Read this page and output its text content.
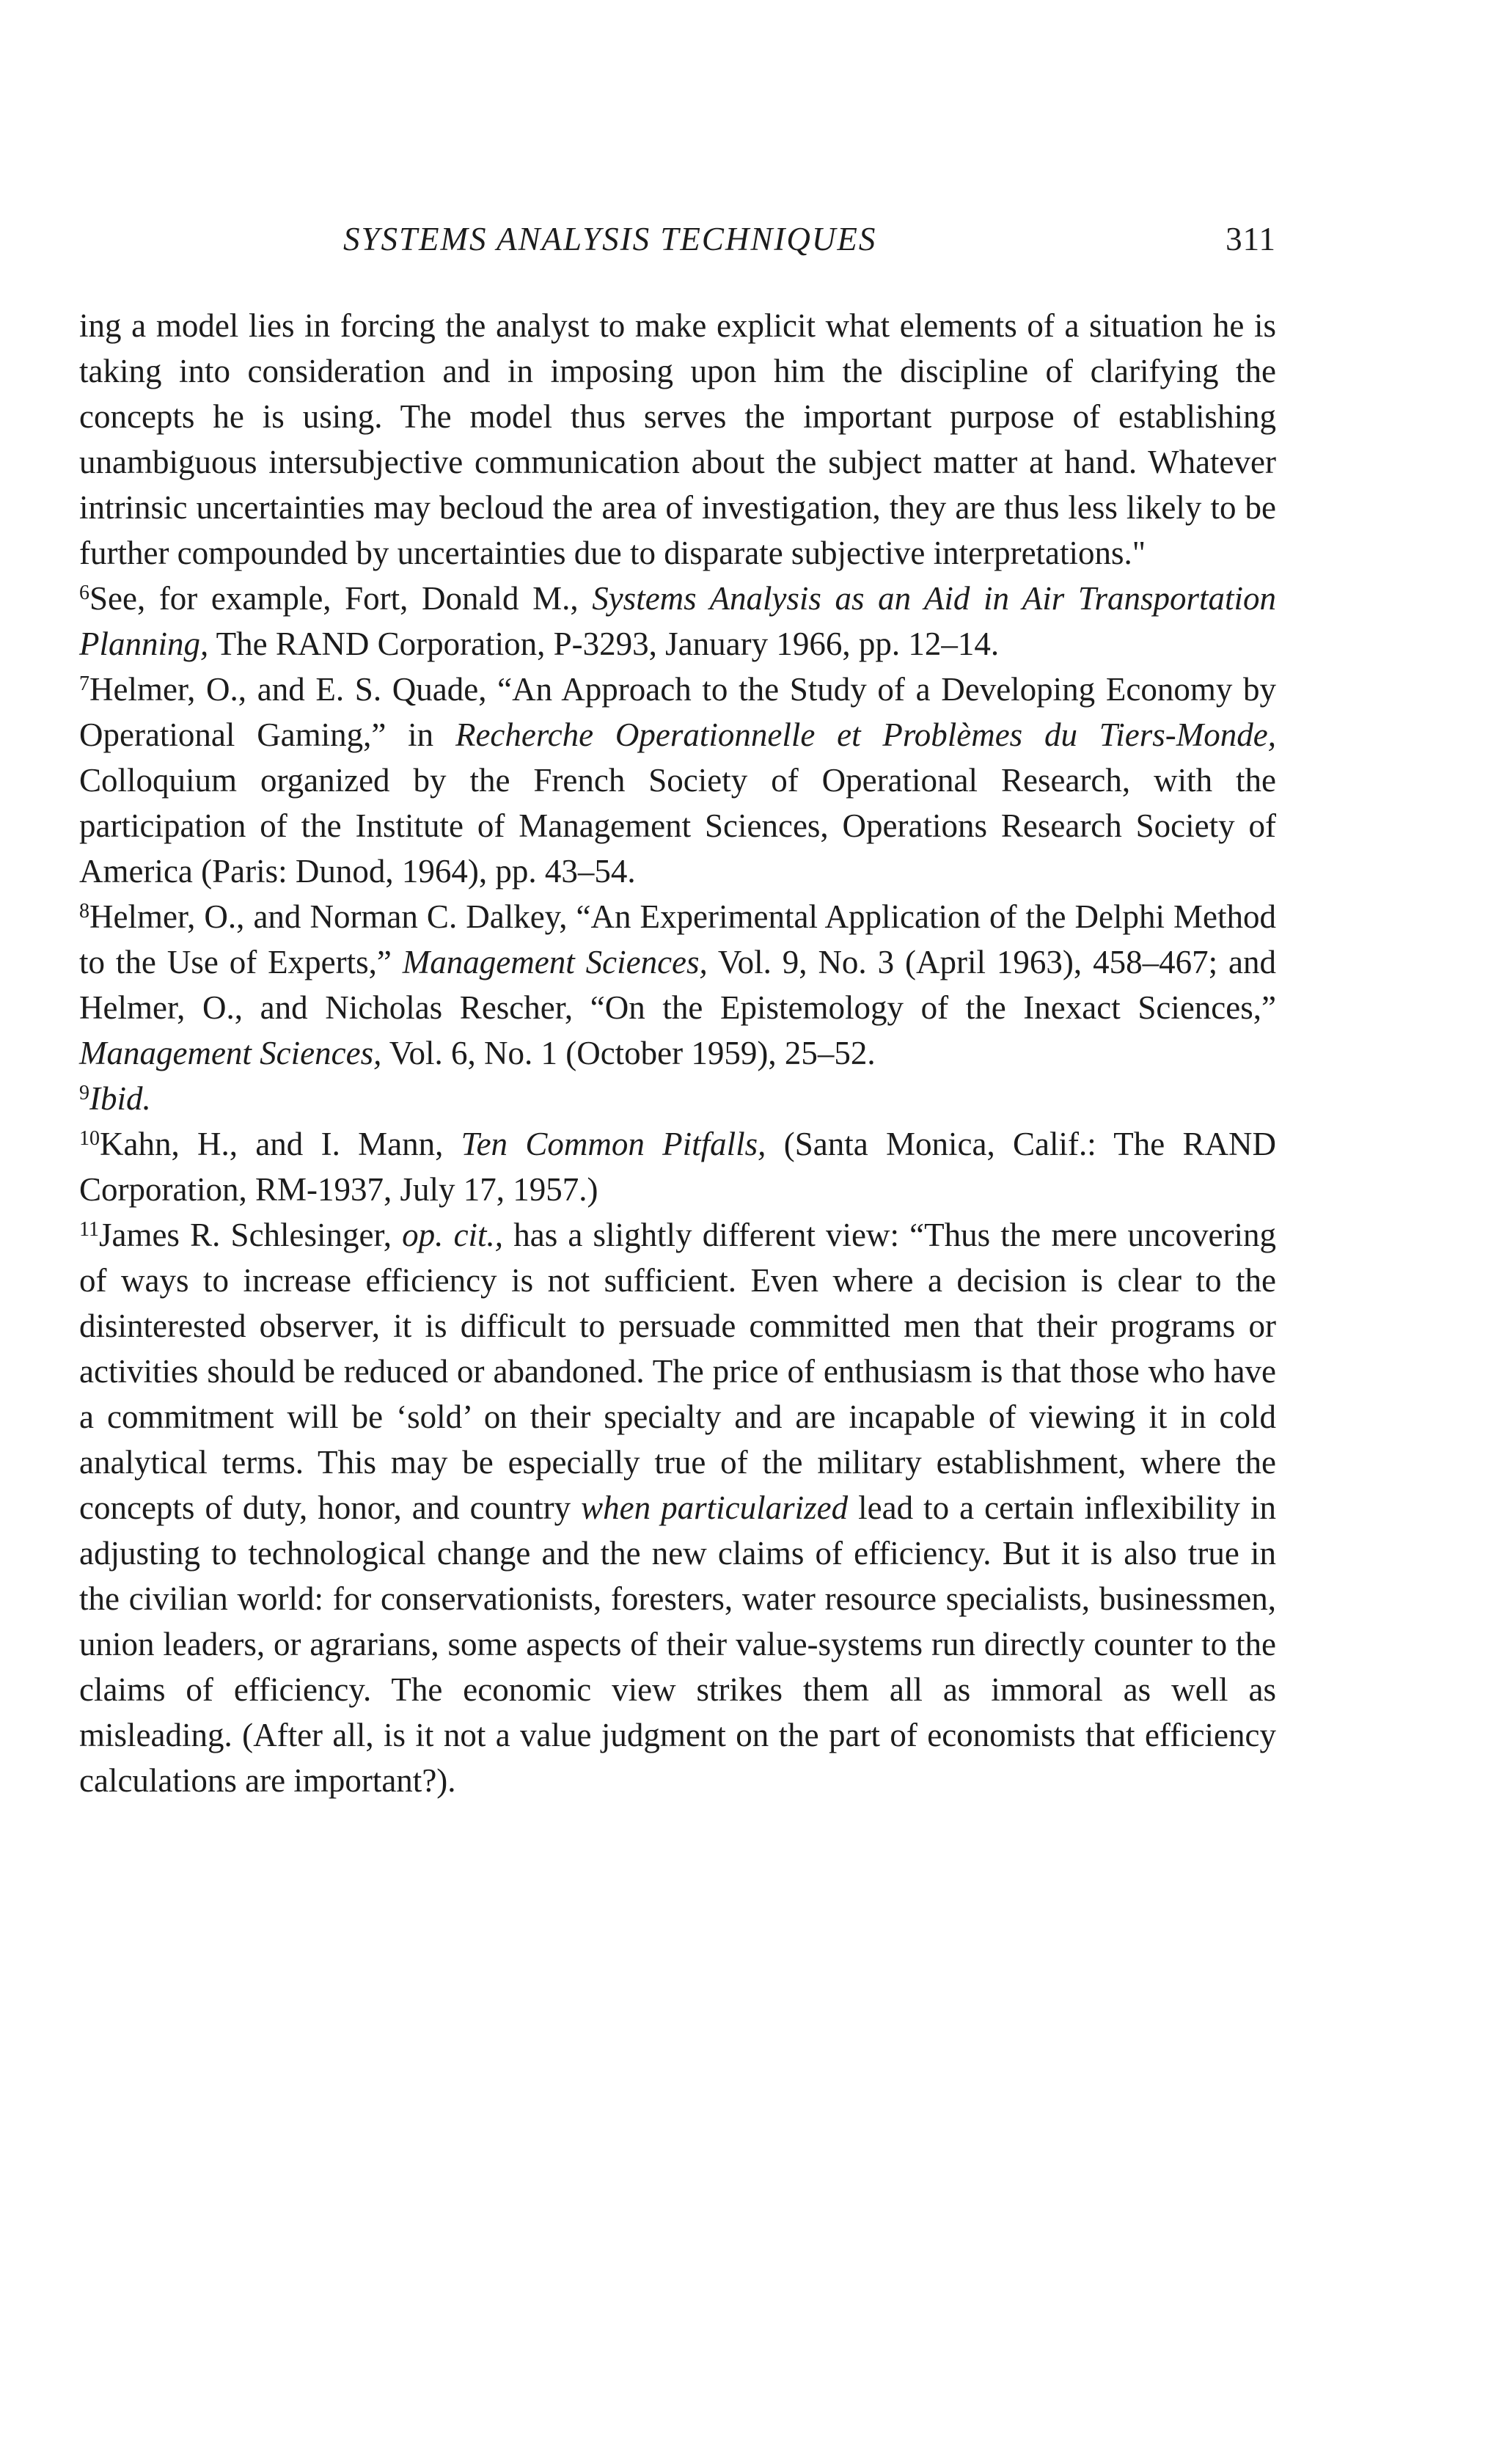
SYSTEMS ANALYSIS TECHNIQUES	311

ing a model lies in forcing the analyst to make explicit what elements of a situation he is taking into consideration and in imposing upon him the discipline of clarifying the concepts he is using. The model thus serves the important purpose of establishing unambiguous intersubjective communication about the subject matter at hand. Whatever intrinsic uncertainties may becloud the area of investigation, they are thus less likely to be further compounded by uncertainties due to disparate subjective interpretations."

$^6$See, for example, Fort, Donald M., Systems Analysis as an Aid in Air Transportation Planning, The RAND Corporation, P-3293, January 1966, pp. 12–14.

$^7$Helmer, O., and E. S. Quade, “An Approach to the Study of a Developing Economy by Operational Gaming,” in Recherche Operationnelle et Problèmes du Tiers-Monde, Colloquium organized by the French Society of Operational Research, with the participation of the Institute of Management Sciences, Operations Research Society of America (Paris: Dunod, 1964), pp. 43–54.

$^8$Helmer, O., and Norman C. Dalkey, “An Experimental Application of the Delphi Method to the Use of Experts,” Management Sciences, Vol. 9, No. 3 (April 1963), 458–467; and Helmer, O., and Nicholas Rescher, “On the Epistemology of the Inexact Sciences,” Management Sciences, Vol. 6, No. 1 (October 1959), 25–52.

$^9$Ibid.

$^{10}$Kahn, H., and I. Mann, Ten Common Pitfalls, (Santa Monica, Calif.: The RAND Corporation, RM-1937, July 17, 1957.)

$^{11}$James R. Schlesinger, op. cit., has a slightly different view: “Thus the mere uncovering of ways to increase efficiency is not sufficient. Even where a decision is clear to the disinterested observer, it is difficult to persuade committed men that their programs or activities should be reduced or abandoned. The price of enthusiasm is that those who have a commitment will be ‘sold’ on their specialty and are incapable of viewing it in cold analytical terms. This may be especially true of the military establishment, where the concepts of duty, honor, and country when particularized lead to a certain inflexibility in adjusting to technological change and the new claims of efficiency. But it is also true in the civilian world: for conservationists, foresters, water resource specialists, businessmen, union leaders, or agrarians, some aspects of their value-systems run directly counter to the claims of efficiency. The economic view strikes them all as immoral as well as misleading. (After all, is it not a value judgment on the part of economists that efficiency calculations are important?).
